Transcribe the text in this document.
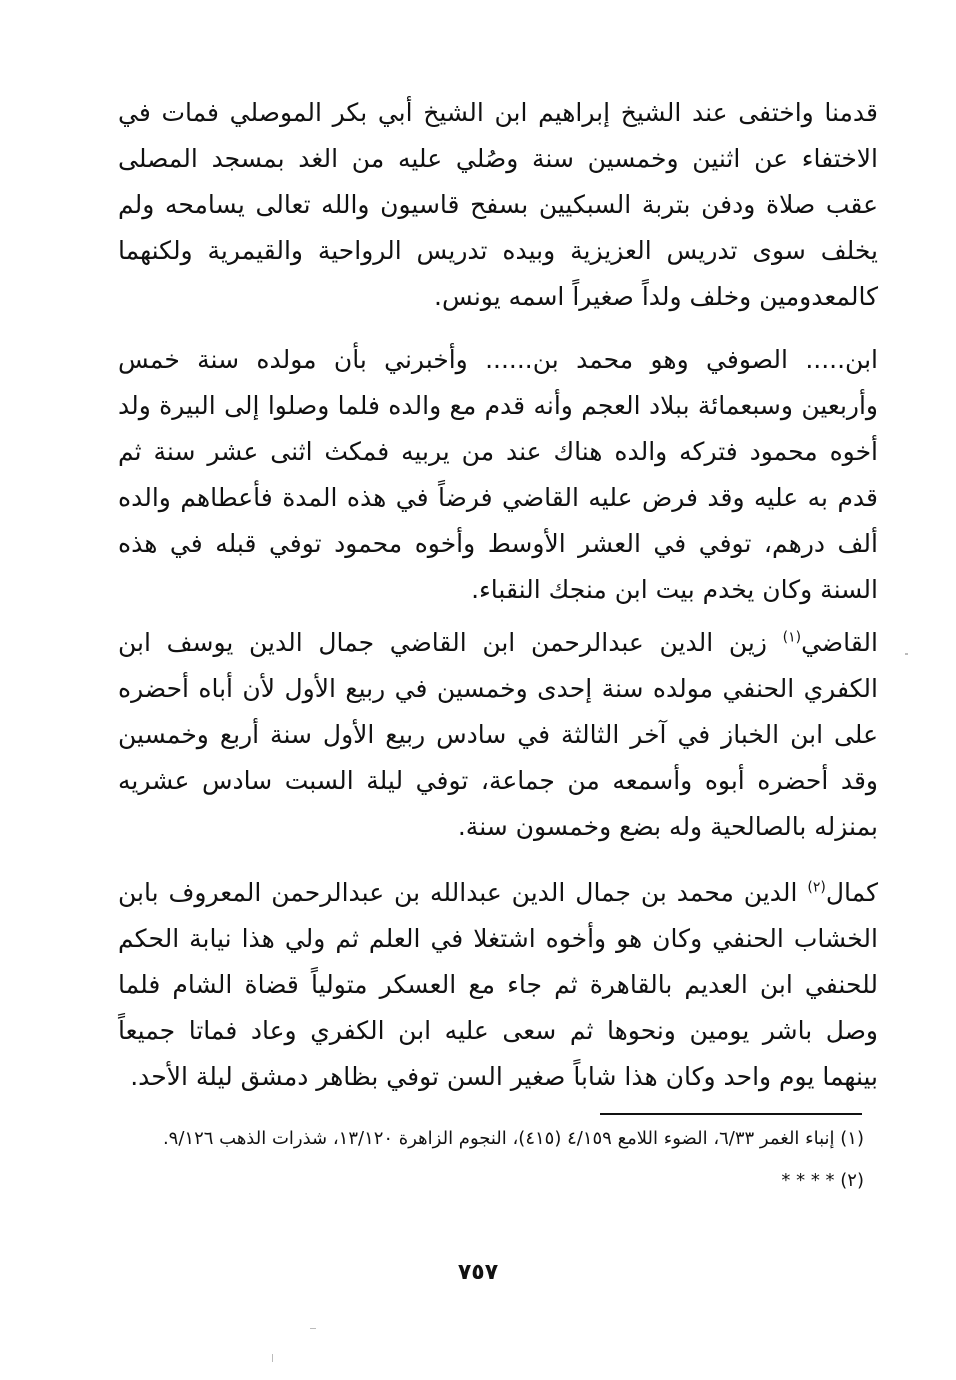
قدمنا واختفى عند الشيخ إبراهيم ابن الشيخ أبي بكر الموصلي فمات في الاختفاء عن اثنين وخمسين سنة وصُلي عليه من الغد بمسجد المصلى عقب صلاة ودفن بتربة السبكيين بسفح قاسيون والله تعالى يسامحه ولم يخلف سوى تدريس العزيزية وبيده تدريس الرواحية والقيمرية ولكنهما كالمعدومين وخلف ولداً صغيراً اسمه يونس.

ابن..... الصوفي وهو محمد بن...... وأخبرني بأن مولده سنة خمس وأربعين وسبعمائة ببلاد العجم وأنه قدم مع والده فلما وصلوا إلى البيرة ولد أخوه محمود فتركه والده هناك عند من يربيه فمكث اثنى عشر سنة ثم قدم به عليه وقد فرض عليه القاضي فرضاً في هذه المدة فأعطاهم والده ألف درهم، توفي في العشر الأوسط وأخوه محمود توفي قبله في هذه السنة وكان يخدم بيت ابن منجك النقباء.

القاضي$^{(١)}$ زين الدين عبدالرحمن ابن القاضي جمال الدين يوسف ابن الكفري الحنفي مولده سنة إحدى وخمسين في ربيع الأول لأن أباه أحضره على ابن الخباز في آخر الثالثة في سادس ربيع الأول سنة أربع وخمسين وقد أحضره أبوه وأسمعه من جماعة، توفي ليلة السبت سادس عشريه بمنزله بالصالحية وله بضع وخمسون سنة.

كمال$^{(٢)}$ الدين محمد بن جمال الدين عبدالله بن عبدالرحمن المعروف بابن الخشاب الحنفي وكان هو وأخوه اشتغلا في العلم ثم ولي هذا نيابة الحكم للحنفي ابن العديم بالقاهرة ثم جاء مع العسكر متولياً قضاة الشام فلما وصل باشر يومين ونحوها ثم سعى عليه ابن الكفري وعاد فماتا جميعاً بينهما يوم واحد وكان هذا شاباً صغير السن توفي بظاهر دمشق ليلة الأحد.

(١) إنباء الغمر ٦/٣٣، الضوء اللامع ٤/١٥٩ (٤١٥)، النجوم الزاهرة ١٣/١٢٠، شذرات الذهب ٩/١٢٦.

(٢) * * * *

٧٥٧
